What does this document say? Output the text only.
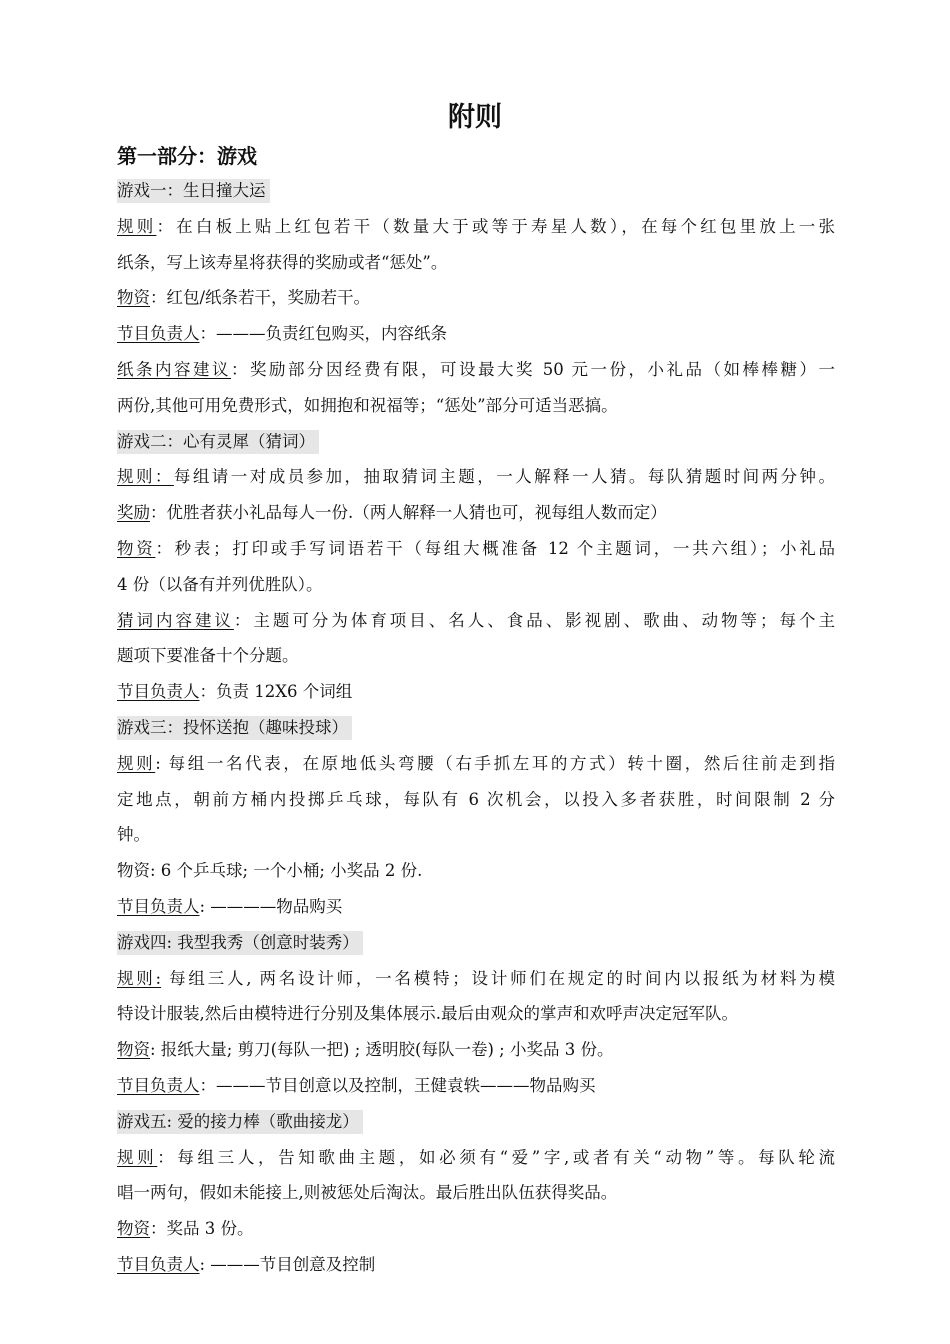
附则
第一部分：游戏
游戏一：生日撞大运
规则：在白板上贴上红包若干（数量大于或等于寿星人数），在每个红包里放上一张
纸条，写上该寿星将获得的奖励或者“惩处”。
物资：红包/纸条若干，奖励若干。
节目负责人：———负责红包购买，内容纸条
纸条内容建议：奖励部分因经费有限，可设最大奖 50 元一份，小礼品（如棒棒糖）一
两份,其他可用免费形式，如拥抱和祝福等；“惩处”部分可适当恶搞。
游戏二：心有灵犀（猜词）
规则：每组请一对成员参加，抽取猜词主题，一人解释一人猜。每队猜题时间两分钟。
奖励：优胜者获小礼品每人一份.（两人解释一人猜也可，视每组人数而定）
物资：秒表；打印或手写词语若干（每组大概准备 12 个主题词，一共六组）；小礼品
4 份（以备有并列优胜队）。
猜词内容建议：主题可分为体育项目、名人、食品、影视剧、歌曲、动物等；每个主
题项下要准备十个分题。
节目负责人：负责 12X6 个词组
游戏三：投怀送抱（趣味投球）
规则: 每组一名代表，在原地低头弯腰（右手抓左耳的方式）转十圈，然后往前走到指
定地点，朝前方桶内投掷乒乓球，每队有 6 次机会，以投入多者获胜，时间限制 2 分
钟。
物资: 6 个乒乓球; 一个小桶; 小奖品 2 份.
节目负责人: ————物品购买
游戏四: 我型我秀（创意时装秀）
规则: 每组三人, 两名设计师，一名模特；设计师们在规定的时间内以报纸为材料为模
特设计服装,然后由模特进行分别及集体展示.最后由观众的掌声和欢呼声决定冠军队。
物资: 报纸大量; 剪刀(每队一把) ; 透明胶(每队一卷) ; 小奖品 3 份。
节目负责人：———节目创意以及控制，王健袁轶———物品购买
游戏五: 爱的接力棒（歌曲接龙）
规则：每组三人，告知歌曲主题，如必须有“爱”字,或者有关“动物”等。每队轮流
唱一两句，假如未能接上,则被惩处后淘汰。最后胜出队伍获得奖品。
物资：奖品 3 份。
节目负责人: ———节目创意及控制
